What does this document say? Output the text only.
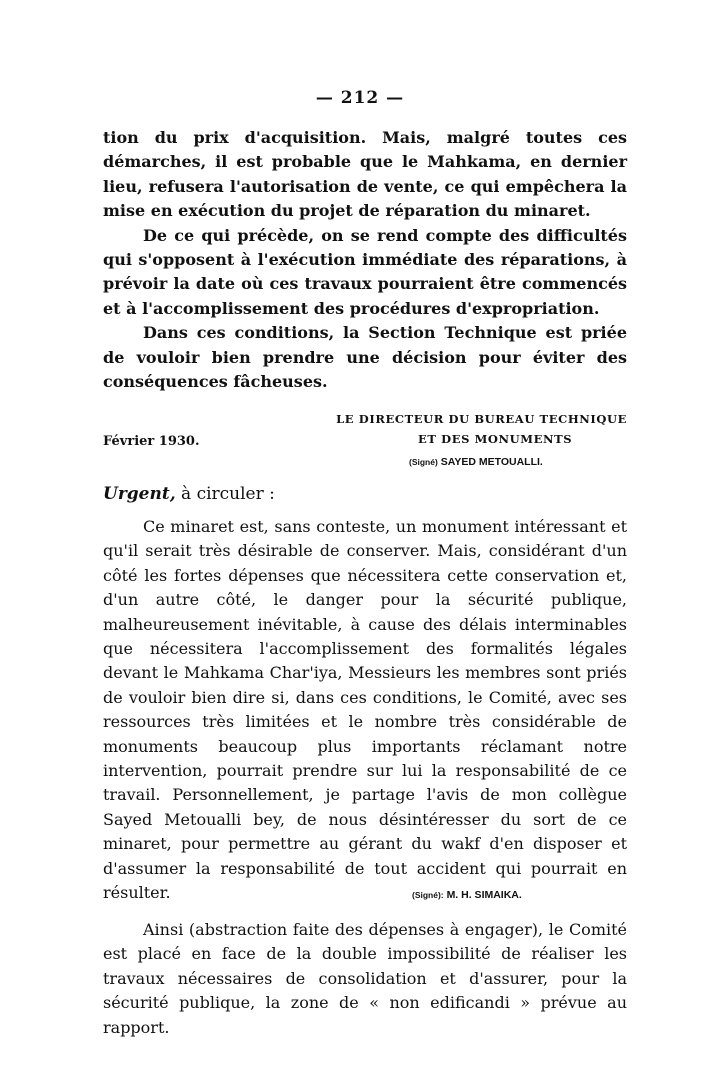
— 212 —

tion du prix d'acquisition. Mais, malgré toutes ces démarches, il est probable que le Mahkama, en dernier lieu, refusera l'autorisation de vente, ce qui empêchera la mise en exécution du projet de réparation du minaret.

De ce qui précède, on se rend compte des difficultés qui s'opposent à l'exécution immédiate des réparations, à prévoir la date où ces travaux pourraient être commencés et à l'accomplissement des procédures d'expropriation.

Dans ces conditions, la Section Technique est priée de vouloir bien prendre une décision pour éviter des conséquences fâcheuses.

LE DIRECTEUR DU BUREAU TECHNIQUE
ET DES MONUMENTS
Février 1930.
(Signé) SAYED METOUALLI.
Urgent, à circuler :

Ce minaret est, sans conteste, un monument intéressant et qu'il serait très désirable de conserver. Mais, considérant d'un côté les fortes dépenses que nécessitera cette conservation et, d'un autre côté, le danger pour la sécurité publique, malheureusement inévitable, à cause des délais interminables que nécessitera l'accomplissement des formalités légales devant le Mahkama Char'iya, Messieurs les membres sont priés de vouloir bien dire si, dans ces conditions, le Comité, avec ses ressources très limitées et le nombre très considérable de monuments beaucoup plus importants réclamant notre intervention, pourrait prendre sur lui la responsabilité de ce travail. Personnellement, je partage l'avis de mon collègue Sayed Metoualli bey, de nous désintéresser du sort de ce minaret, pour permettre au gérant du wakf d'en disposer et d'assumer la responsabilité de tout accident qui pourrait en résulter.	(Signé): M. H. SIMAIKA.

Ainsi (abstraction faite des dépenses à engager), le Comité est placé en face de la double impossibilité de réaliser les travaux nécessaires de consolidation et d'assurer, pour la sécurité publique, la zone de « non edificandi » prévue au rapport.
